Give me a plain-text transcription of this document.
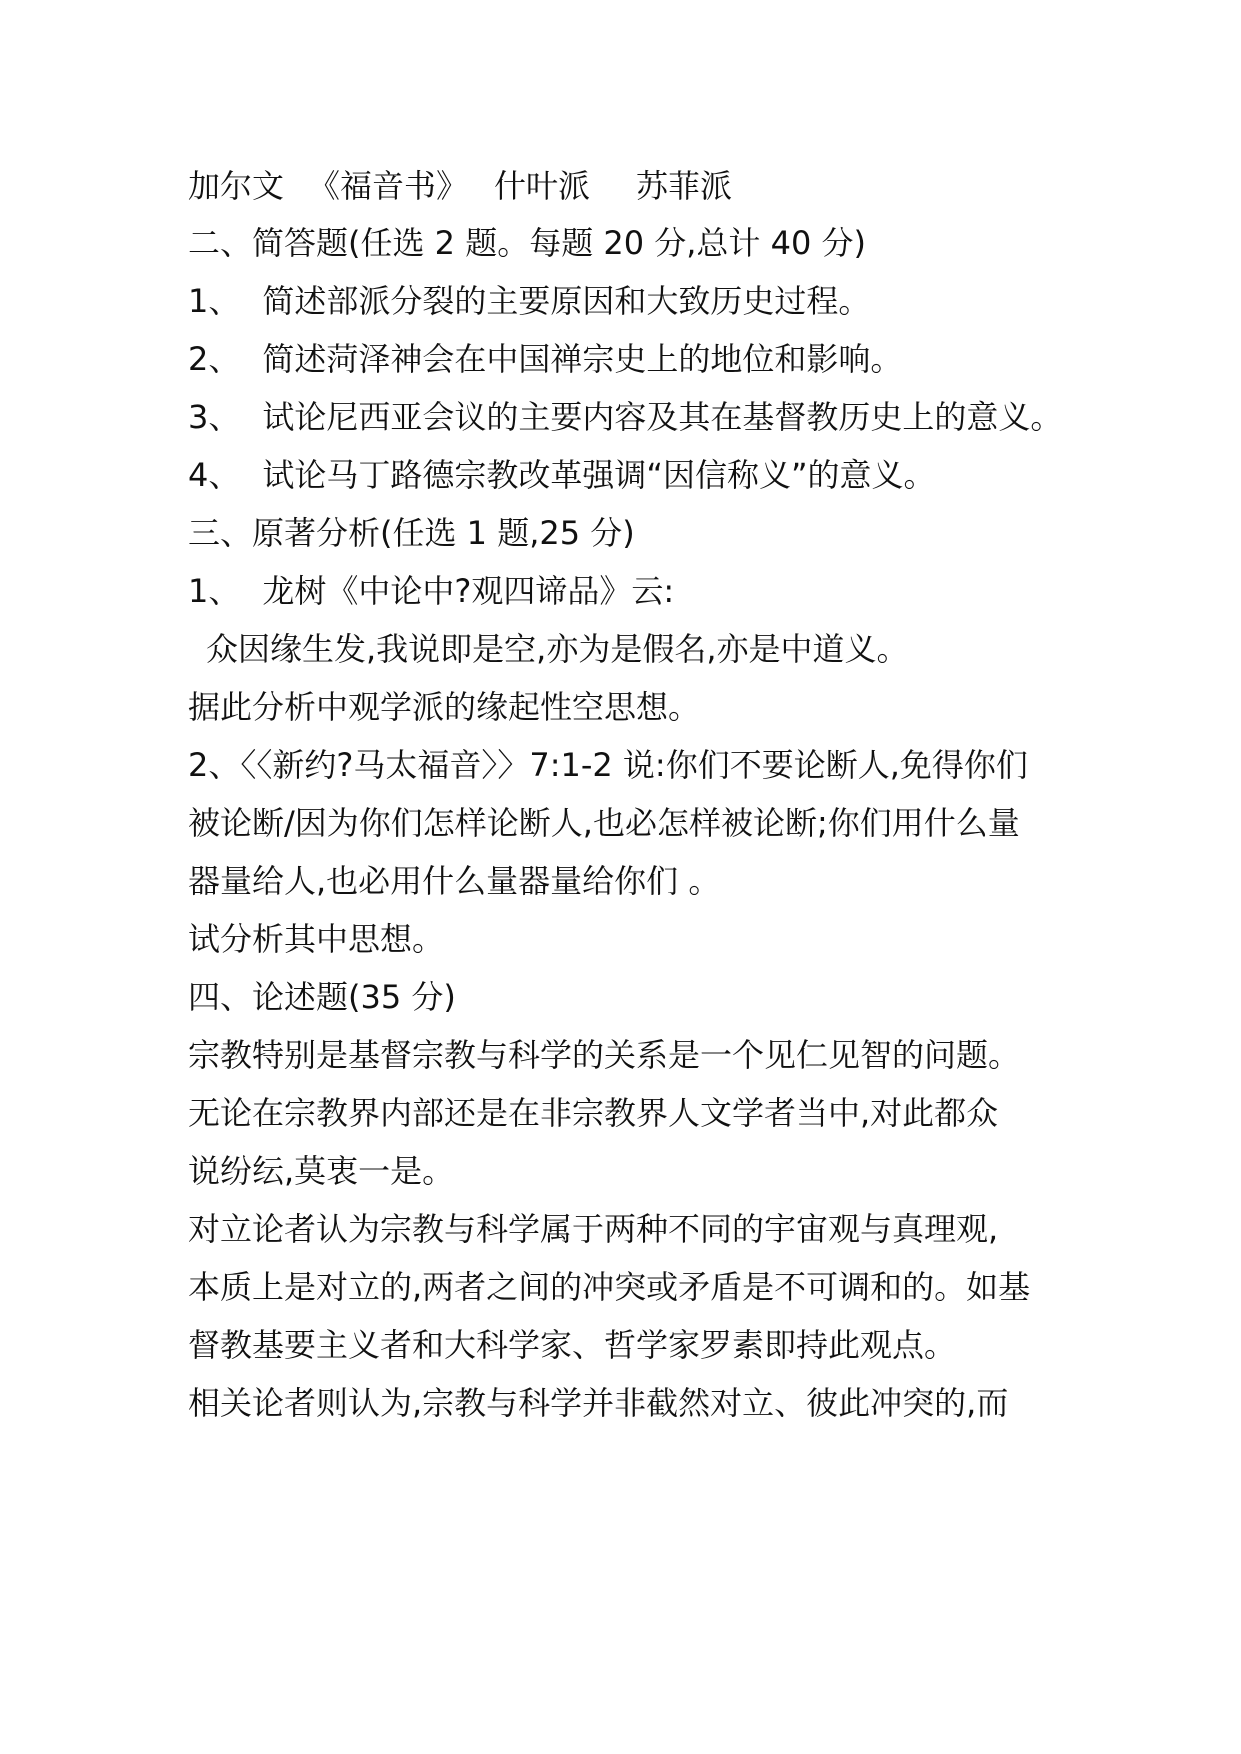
加尔文 《福音书》 什叶派 苏菲派
二、简答题(任选 2 题。每题 20 分,总计 40 分)
1、 简述部派分裂的主要原因和大致历史过程。
2、 简述菏泽神会在中国禅宗史上的地位和影响。
3、 试论尼西亚会议的主要内容及其在基督教历史上的意义。
4、 试论马丁路德宗教改革强调“因信称义”的意义。
三、原著分析(任选 1 题,25 分)
1、 龙树《中论中?观四谛品》云:
众因缘生发,我说即是空,亦为是假名,亦是中道义。
据此分析中观学派的缘起性空思想。
2、〈〈新约?马太福音〉〉7:1-2 说:你们不要论断人,免得你们
被论断/因为你们怎样论断人,也必怎样被论断;你们用什么量
器量给人,也必用什么量器量给你们 。
试分析其中思想。
四、论述题(35 分)
宗教特别是基督宗教与科学的关系是一个见仁见智的问题。
无论在宗教界内部还是在非宗教界人文学者当中,对此都众
说纷纭,莫衷一是。
对立论者认为宗教与科学属于两种不同的宇宙观与真理观,
本质上是对立的,两者之间的冲突或矛盾是不可调和的。如基
督教基要主义者和大科学家、哲学家罗素即持此观点。
相关论者则认为,宗教与科学并非截然对立、彼此冲突的,而
